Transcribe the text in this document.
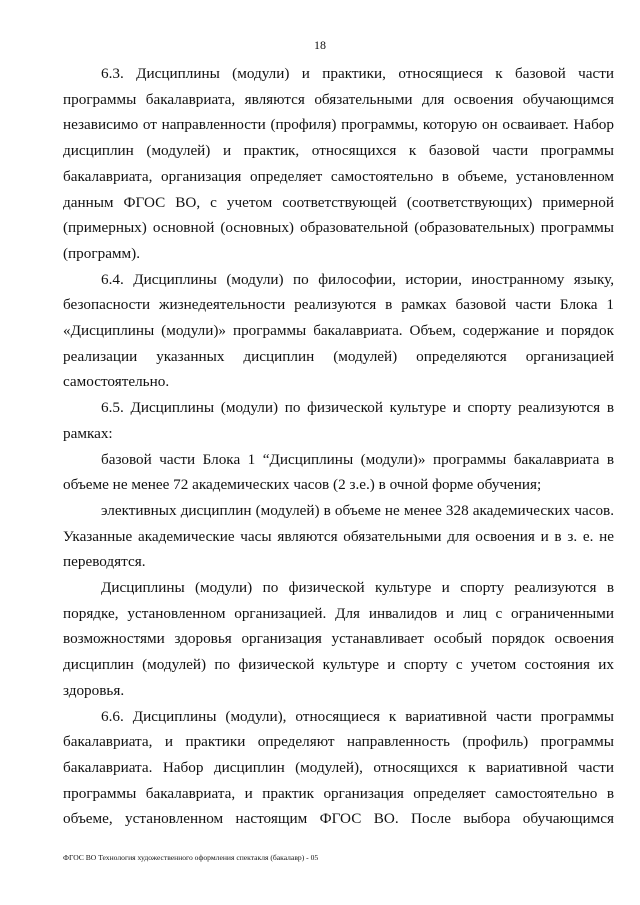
18

6.3. Дисциплины (модули) и практики, относящиеся к базовой части программы бакалавриата, являются обязательными для освоения обучающимся независимо от направленности (профиля) программы, которую он осваивает. Набор дисциплин (модулей) и практик, относящихся к базовой части программы бакалавриата, организация определяет самостоятельно в объеме, установленном данным ФГОС ВО, с учетом соответствующей (соответствующих) примерной (примерных) основной (основных) образовательной (образовательных) программы (программ).

6.4. Дисциплины (модули) по философии, истории, иностранному языку, безопасности жизнедеятельности реализуются в рамках базовой части Блока 1 «Дисциплины (модули)» программы бакалавриата. Объем, содержание и порядок реализации указанных дисциплин (модулей) определяются организацией самостоятельно.

6.5. Дисциплины (модули) по физической культуре и спорту реализуются в рамках:

базовой части Блока 1 “Дисциплины (модули)» программы бакалавриата в объеме не менее 72 академических часов (2 з.е.) в очной форме обучения;

элективных дисциплин (модулей) в объеме не менее 328 академических часов. Указанные академические часы являются обязательными для освоения и в з. е. не переводятся.

Дисциплины (модули) по физической культуре и спорту реализуются в порядке, установленном организацией. Для инвалидов и лиц с ограниченными возможностями здоровья организация устанавливает особый порядок освоения дисциплин (модулей) по физической культуре и спорту с учетом состояния их здоровья.

6.6. Дисциплины (модули), относящиеся к вариативной части программы бакалавриата, и практики определяют направленность (профиль) программы бакалавриата. Набор дисциплин (модулей), относящихся к вариативной части программы бакалавриата, и практик организация определяет самостоятельно в объеме, установленном настоящим ФГОС ВО. После выбора обучающимся

ФГОС ВО Технология художественного оформления спектакля (бакалавр) - 05
